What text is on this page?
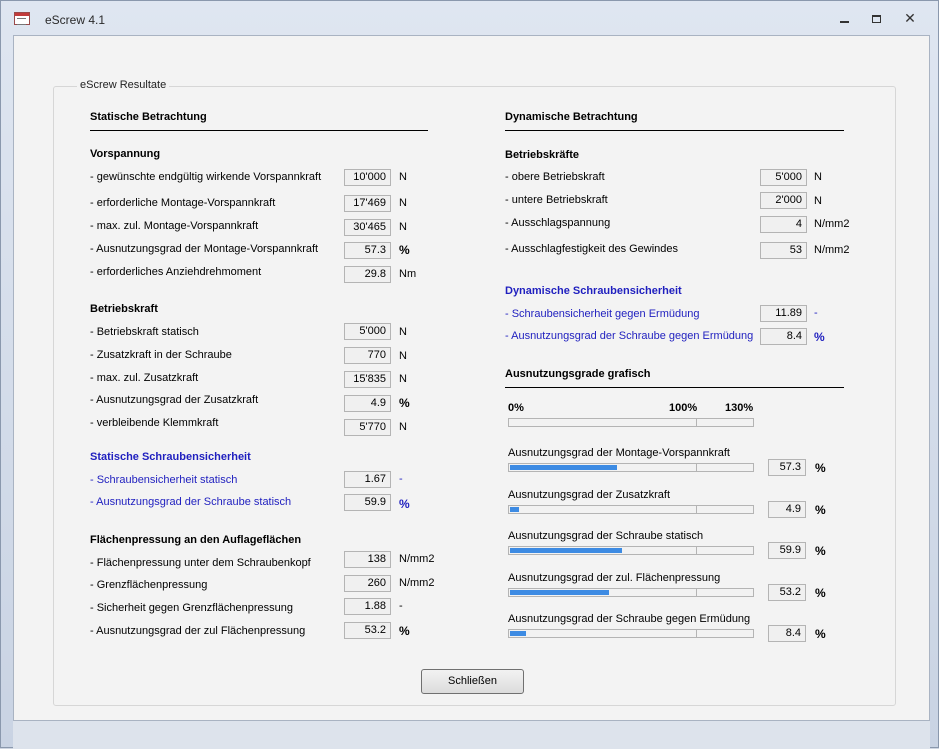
eScrew 4.1	✕
eScrew Resultate
Statische Betrachtung
Vorspannung
- gewünschte endgültig wirkende Vorspannkraft	10'000	N
- erforderliche Montage-Vorspannkraft	17'469	N
- max. zul. Montage-Vorspannkraft	30'465	N
- Ausnutzungsgrad der Montage-Vorspannkraft	57.3	%
- erforderliches Anziehdrehmoment	29.8	Nm
Betriebskraft
- Betriebskraft statisch	5'000	N
- Zusatzkraft in der Schraube	770	N
- max. zul. Zusatzkraft	15'835	N
- Ausnutzungsgrad der Zusatzkraft	4.9	%
- verbleibende Klemmkraft	5'770	N
Statische Schraubensicherheit
- Schraubensicherheit statisch	1.67	-
- Ausnutzungsgrad der Schraube statisch	59.9	%
Flächenpressung an den Auflageflächen
- Flächenpressung unter dem Schraubenkopf	138	N/mm2
- Grenzflächenpressung	260	N/mm2
- Sicherheit gegen Grenzflächenpressung	1.88	-
- Ausnutzungsgrad der zul Flächenpressung	53.2	%
Dynamische Betrachtung
Betriebskräfte
- obere Betriebskraft	5'000	N
- untere Betriebskraft	2'000	N
- Ausschlagspannung	4	N/mm2
- Ausschlagfestigkeit des Gewindes	53	N/mm2
Dynamische Schraubensicherheit
- Schraubensicherheit gegen Ermüdung	11.89	-
- Ausnutzungsgrad der Schraube gegen Ermüdung	8.4	%
Ausnutzungsgrade grafisch
0%	100%	130%
Ausnutzungsgrad der Montage-Vorspannkraft
57.3	%
Ausnutzungsgrad der Zusatzkraft
4.9	%
Ausnutzungsgrad der Schraube statisch
59.9	%
Ausnutzungsgrad der zul. Flächenpressung
53.2	%
Ausnutzungsgrad der Schraube gegen Ermüdung
8.4	%
Schließen
